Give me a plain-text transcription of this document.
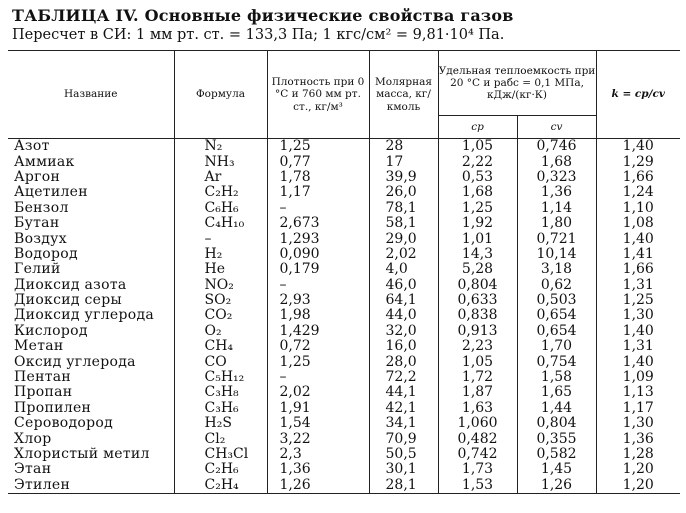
ТАБЛИЦА IV. Основные физические свойства газов
Пересчет в СИ: 1 мм рт. ст. = 133,3 Па; 1 кгс/см² = 9,81·10⁴ Па.
Название	Формула	Плотность при 0 °С и 760 мм рт. ст., кг/м³	Молярная масса, кг/кмоль	Удельная теплоемкость при 20 °С и pабс = 0,1 МПа, кДж/(кг·К)		k = cp/cv
				cp	cv	
Азот	N₂	1,25	28	1,05	0,746	1,40
Аммиак	NH₃	0,77	17	2,22	1,68	1,29
Аргон	Ar	1,78	39,9	0,53	0,323	1,66
Ацетилен	C₂H₂	1,17	26,0	1,68	1,36	1,24
Бензол	C₆H₆	–	78,1	1,25	1,14	1,10
Бутан	C₄H₁₀	2,673	58,1	1,92	1,80	1,08
Воздух	–	1,293	29,0	1,01	0,721	1,40
Водород	H₂	0,090	2,02	14,3	10,14	1,41
Гелий	He	0,179	4,0	5,28	3,18	1,66
Диоксид азота	NO₂	–	46,0	0,804	0,62	1,31
Диоксид серы	SO₂	2,93	64,1	0,633	0,503	1,25
Диоксид углерода	CO₂	1,98	44,0	0,838	0,654	1,30
Кислород	O₂	1,429	32,0	0,913	0,654	1,40
Метан	CH₄	0,72	16,0	2,23	1,70	1,31
Оксид углерода	CO	1,25	28,0	1,05	0,754	1,40
Пентан	C₅H₁₂	–	72,2	1,72	1,58	1,09
Пропан	C₃H₈	2,02	44,1	1,87	1,65	1,13
Пропилен	C₃H₆	1,91	42,1	1,63	1,44	1,17
Сероводород	H₂S	1,54	34,1	1,060	0,804	1,30
Хлор	Cl₂	3,22	70,9	0,482	0,355	1,36
Хлористый метил	CH₃Cl	2,3	50,5	0,742	0,582	1,28
Этан	C₂H₆	1,36	30,1	1,73	1,45	1,20
Этилен	C₂H₄	1,26	28,1	1,53	1,26	1,20
